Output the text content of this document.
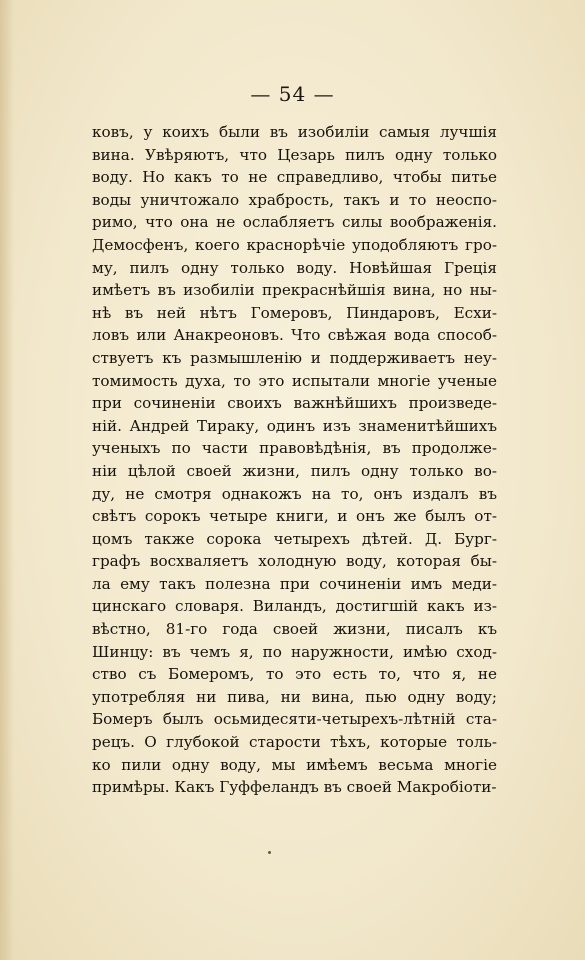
— 54 —
ковъ, у коихъ были въ изобиліи самыя лучшія
вина. Увѣряютъ, что Цезарь пилъ одну только
воду. Но какъ то не справедливо, чтобы питье
воды уничтожало храбрость, такъ и то неоспо-
римо, что она не ослабляетъ силы воображенія.
Демосфенъ, коего краснорѣчіе уподобляютъ гро-
му, пилъ одну только воду. Новѣйшая Греція
имѣетъ въ изобиліи прекраснѣйшія вина, но ны-
нѣ въ ней нѣтъ Гомеровъ, Пиндаровъ, Есхи-
ловъ или Анакреоновъ. Что свѣжая вода способ-
ствуетъ къ размышленію и поддерживаетъ неу-
томимость духа, то это испытали многіе ученые
при сочиненіи своихъ важнѣйшихъ произведе-
ній. Андрей Тираку, одинъ изъ знаменитѣйшихъ
ученыхъ по части правовѣдѣнія, въ продолже-
ніи цѣлой своей жизни, пилъ одну только во-
ду, не смотря однакожъ на то, онъ издалъ въ
свѣтъ сорокъ четыре книги, и онъ же былъ от-
цомъ также сорока четырехъ дѣтей. Д. Бург-
графъ восхваляетъ холодную воду, которая бы-
ла ему такъ полезна при сочиненіи имъ меди-
цинскаго словаря. Виландъ, достигшій какъ из-
вѣстно, 81-го года своей жизни, писалъ къ
Шинцу: въ чемъ я, по наружности, имѣю сход-
ство съ Бомеромъ, то это есть то, что я, не
употребляя ни пива, ни вина, пью одну воду;
Бомеръ былъ осьмидесяти-четырехъ-лѣтній ста-
рецъ. О глубокой старости тѣхъ, которые толь-
ко пили одну воду, мы имѣемъ весьма многіе
примѣры. Какъ Гуффеландъ въ своей Макробіоти-
